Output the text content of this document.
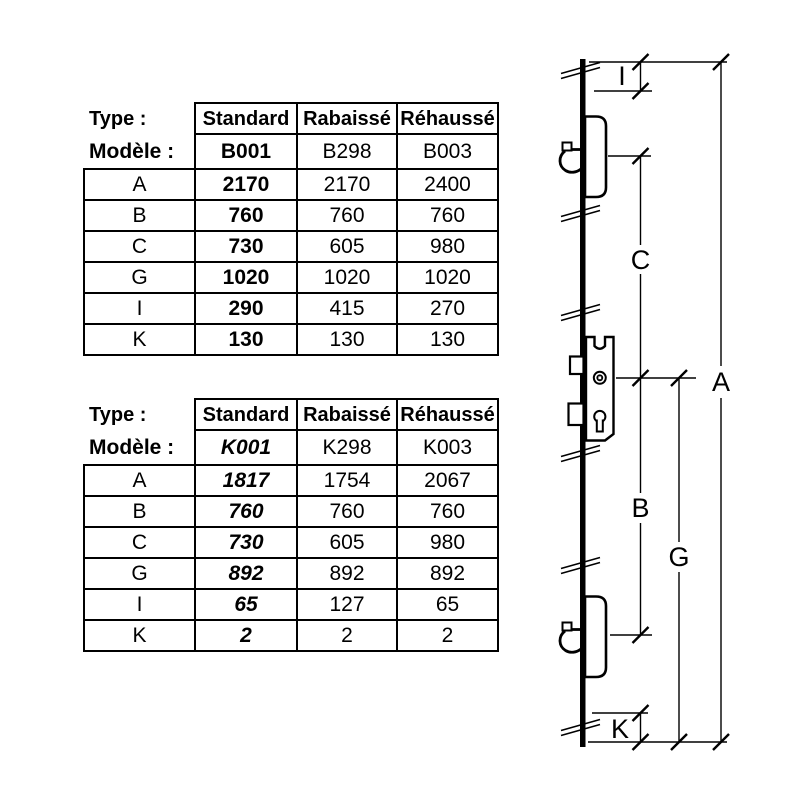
Type :	Standard	Rabaissé	Réhaussé
Modèle :	B001	B298	B003
A	2170	2170	2400
B	760	760	760
C	730	605	980
G	1020	1020	1020
I	290	415	270
K	130	130	130
Type :	Standard	Rabaissé	Réhaussé
Modèle :	K001	K298	K003
A	1817	1754	2067
B	760	760	760
C	730	605	980
G	892	892	892
I	65	127	65
K	2	2	2
I
C
A
B
G
K
